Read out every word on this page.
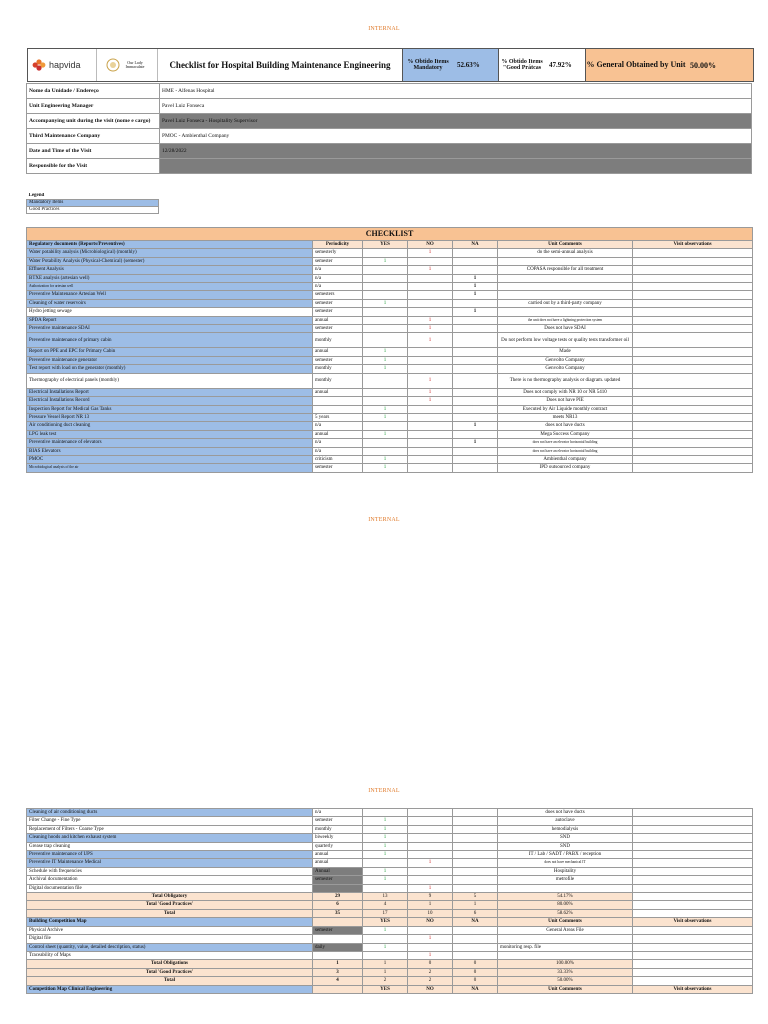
INTERNAL
hapvida	Our Lady Immaculate	Checklist for Hospital Building Maintenance Engineering	% Obtido Items Mandatory	52.63%	% Obtido Items "Good Prátcas	47.92% % General Obtained by Unit 50.00%
Nome da Unidade / Endereço	HME - Alfenas Hospital
Unit Engineering Manager	Pavel Luiz Fonseca
Accompanying unit during the visit (nome e cargo)	Pavel Luiz Fonseca - Hospitality Supervisor
Third Maintenance Company	PMOC - Ambienthal Company
Date and Time of the Visit	12/28/2022
Responsible for the Visit	
Legend
Mandatory Items
Good Practices
CHECKLIST						
Regulatory documents (Reports/Preventives)	Periodicity	YES	NO	NA	Unit Comments	Visit observations
Water potability analysis (Microbiological) (monthly)	semesterly		1		do the semi-annual analysis	
Water Potability Analysis (Physical-Chemical) (semester)	semester	1				
Effluent Analysis	n/a		1		COPASA responsible for all treatment	
BTXE analysis (artesian well)	n/a			1		
Authorization for artesian well	n/a			1		
Preventive Maintenance Artesian Well	semesters			1		
Cleaning of water reservoirs	semester	1			carried out by a third-party company	
Hydro jetting sewage	semester			1		
SPDA Report	annual		1		the unit does not have a lightning protection system	
Preventive maintenance SDAI	semester		1		Does not have SDAI	
Preventive maintenance of primary cabin	monthly		1		Do not perform low voltage tests or quality tests transformer oil	
Report on PPE and EPC for Primary Cabin	annual	1			Made	
Preventive maintenance generator	semester	1			Genvolto Company	
Test report with load on the generator (monthly)	monthly	1			Genvolto Company	
Thermography of electrical panels (monthly)	monthly		1		There is no thermography analysis or diagram. updated	
Electrical Installations Report	annual		1		Does not comply with NR 10 or NR 5410	
Electrical Installations Record			1		Does not have PIE	
Inspection Report for Medical Gas Tanks		1			Executed by Air Liquide monthly contract	
Pressure Vessel Report NR 13	5 years	1			meets NR13	
Air conditioning duct cleaning	n/a			1	does not have ducts	
LPG leak test	annual	1			Mega Success Company	
Preventive maintenance of elevators	n/a			1	does not have an elevator horizontal building	
BIAS Elevators	n/a				does not have an elevator horizontal building	
PMOC	criticism	1			Ambienthal company	
Microbiological analysis of the air	semester	1			IPD outsourced company	
INTERNAL
INTERNAL
Cleaning of air conditioning ducts	n/a				does not have ducts	
Filter Change - Fine Type	semester	1			autoclave	
Replacement of Filters - Coarse Type	monthly	1			hemodialysis	
Cleaning hoods and kitchen exhaust system	biweekly	1			SND	
Grease trap cleaning	quarterly	1			SND	
Preventive maintenance of UPS	annual	1			IT / Lab / SADT / PABX / reception	
Preventive IT Maintenance Medical	annual		1		does not have mechanical IT	
Schedule with frequencies	Annual	1			Hospitality	
Archival documentation	semester	1			metrofile	
Digital documentation file			1			
Total Obligatory	29	13	9	5	54.17%	
Total 'Good Practices'	6	4	1	1	80.00%	
Total	35	17	10	6	58.62%	
Building Competition Map		YES	NO	NA	Unit Comments	Visit observations
Physical Archive	semester	1			General Areas File	
Digital file			1			
Control sheet (quantity, value, detailed description, status)	daily	1			monitoring resp. file	
Traceability of Maps			1			
Total Obligations	1	1	0	0	100.00%	
Total 'Good Practices'	3	1	2	0	33.33%	
Total	4	2	2	0	50.00%	
Competition Map Clinical Engineering		YES	NO	NA	Unit Comments	Visit observations
